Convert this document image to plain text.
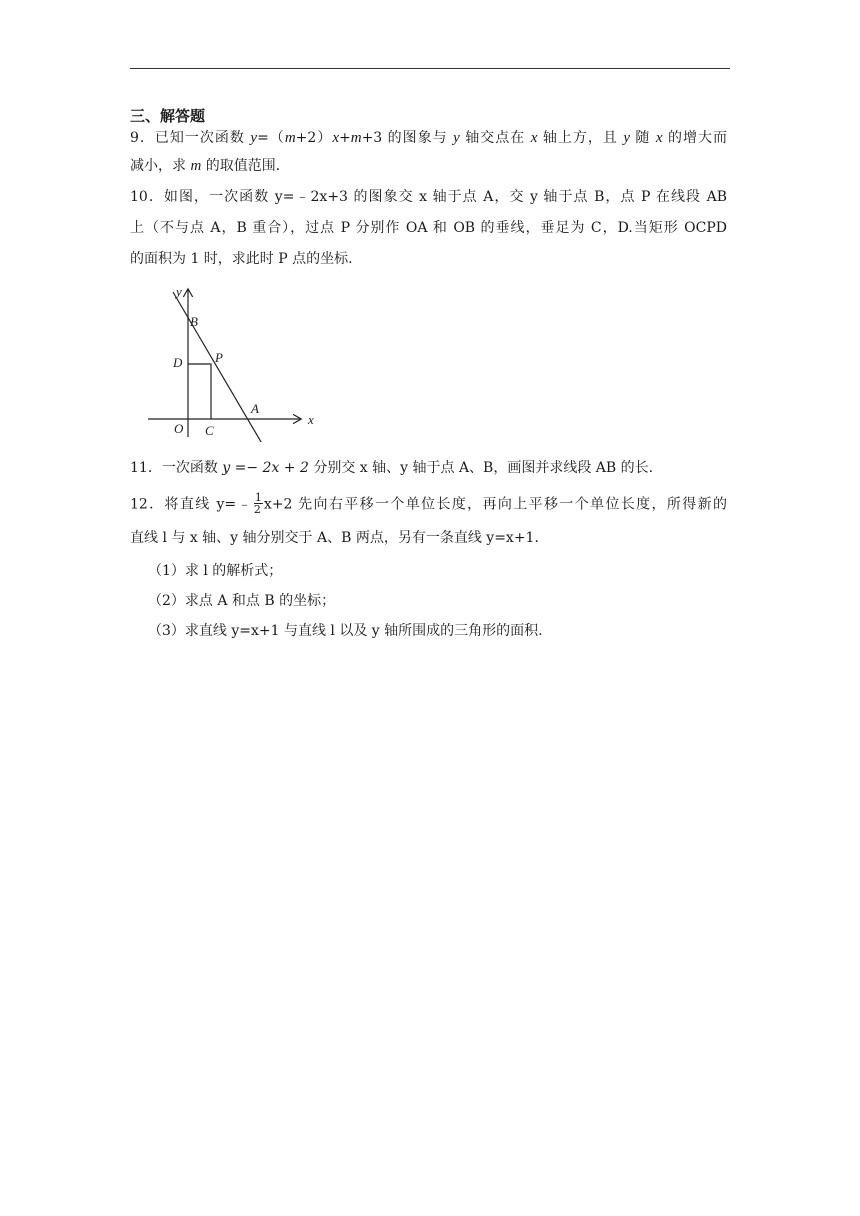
三、解答题
9．已知一次函数 y=（m+2）x+m+3 的图象与 y 轴交点在 x 轴上方，且 y 随 x 的增大而
减小，求 m 的取值范围．
10．如图，一次函数 y=﹣2x+3 的图象交 x 轴于点 A，交 y 轴于点 B，点 P 在线段 AB
上（不与点 A，B 重合），过点 P 分别作 OA 和 OB 的垂线，垂足为 C，D.当矩形 OCPD
的面积为 1 时，求此时 P 点的坐标.
y
x
B
D	P
A
O C
11．一次函数 y =− 2x + 2 分别交 x 轴、y 轴于点 A、B，画图并求线段 AB 的长.
12．将直线 y=﹣ $\frac{1}{2} x+2$ 先向右平移一个单位长度，再向上平移一个单位长度，所得新的
直线 l 与 x 轴、y 轴分别交于 A、B 两点，另有一条直线 y=x+1．
（1）求 l 的解析式；
（2）求点 A 和点 B 的坐标；
（3）求直线 y=x+1 与直线 l 以及 y 轴所围成的三角形的面积.
